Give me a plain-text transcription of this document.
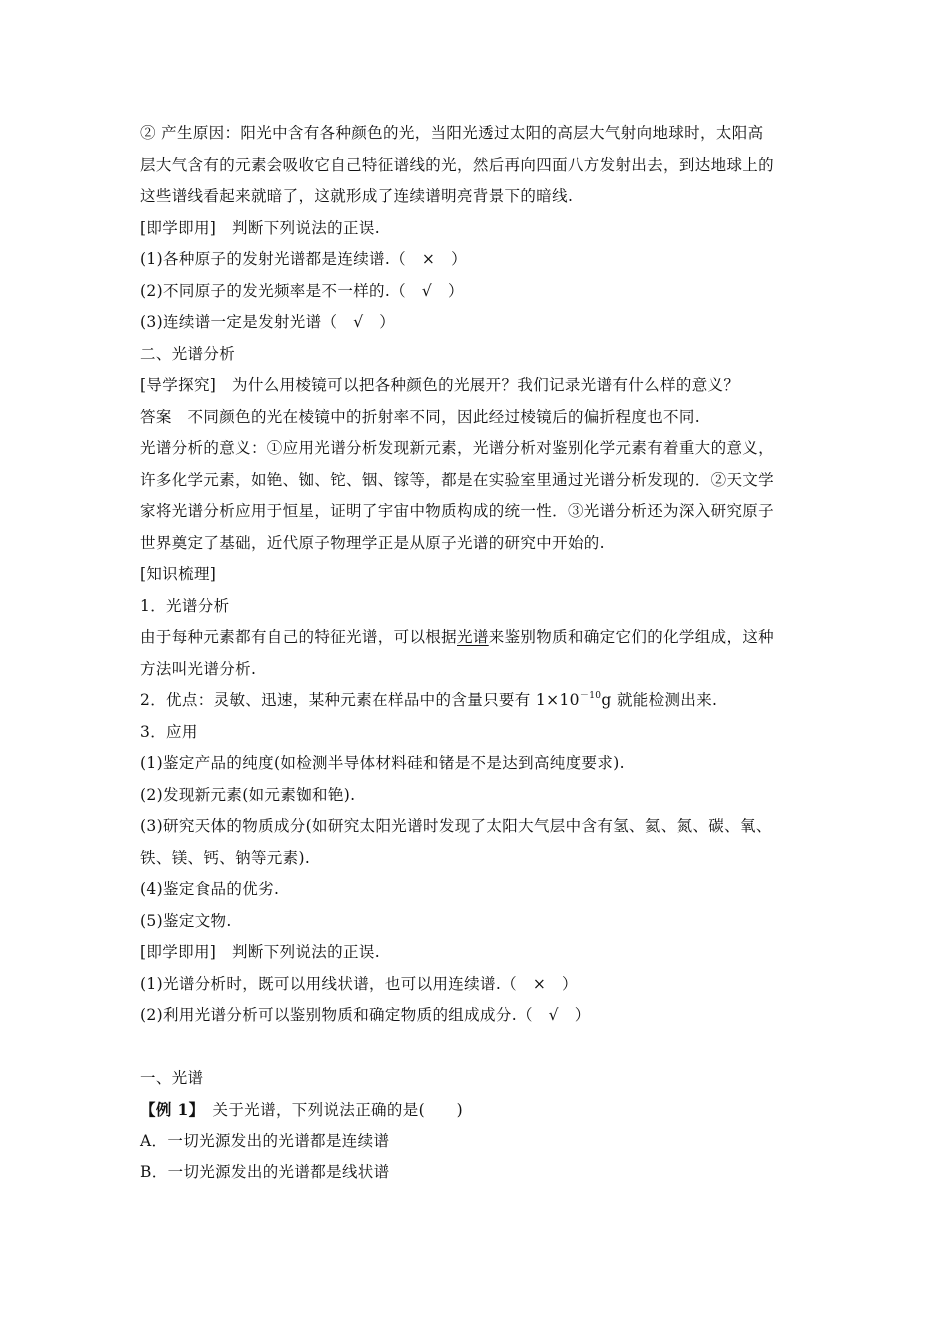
② 产生原因：阳光中含有各种颜色的光，当阳光透过太阳的高层大气射向地球时，太阳高
层大气含有的元素会吸收它自己特征谱线的光，然后再向四面八方发射出去，到达地球上的
这些谱线看起来就暗了，这就形成了连续谱明亮背景下的暗线.
[即学即用]　判断下列说法的正误.
(1)各种原子的发射光谱都是连续谱.（　×　）
(2)不同原子的发光频率是不一样的.（　√　）
(3)连续谱一定是发射光谱（　√　）
二、光谱分析
[导学探究]　为什么用棱镜可以把各种颜色的光展开？我们记录光谱有什么样的意义？
答案　不同颜色的光在棱镜中的折射率不同，因此经过棱镜后的偏折程度也不同.
光谱分析的意义：①应用光谱分析发现新元素，光谱分析对鉴别化学元素有着重大的意义，
许多化学元素，如铯、铷、铊、铟、镓等，都是在实验室里通过光谱分析发现的．②天文学
家将光谱分析应用于恒星，证明了宇宙中物质构成的统一性．③光谱分析还为深入研究原子
世界奠定了基础，近代原子物理学正是从原子光谱的研究中开始的.
[知识梳理]
1．光谱分析
由于每种元素都有自己的特征光谱，可以根据光谱来鉴别物质和确定它们的化学组成，这种
方法叫光谱分析.
2．优点：灵敏、迅速，某种元素在样品中的含量只要有 $1\times 10^{-10}g$ 就能检测出来.
3．应用
(1)鉴定产品的纯度(如检测半导体材料硅和锗是不是达到高纯度要求).
(2)发现新元素(如元素铷和铯).
(3)研究天体的物质成分(如研究太阳光谱时发现了太阳大气层中含有氢、氦、氮、碳、氧、
铁、镁、钙、钠等元素).
(4)鉴定食品的优劣.
(5)鉴定文物.
[即学即用]　判断下列说法的正误.
(1)光谱分析时，既可以用线状谱，也可以用连续谱.（　×　）
(2)利用光谱分析可以鉴别物质和确定物质的组成成分.（　√　）
一、光谱
【例 1】　关于光谱，下列说法正确的是(　　)
A．一切光源发出的光谱都是连续谱
B．一切光源发出的光谱都是线状谱
